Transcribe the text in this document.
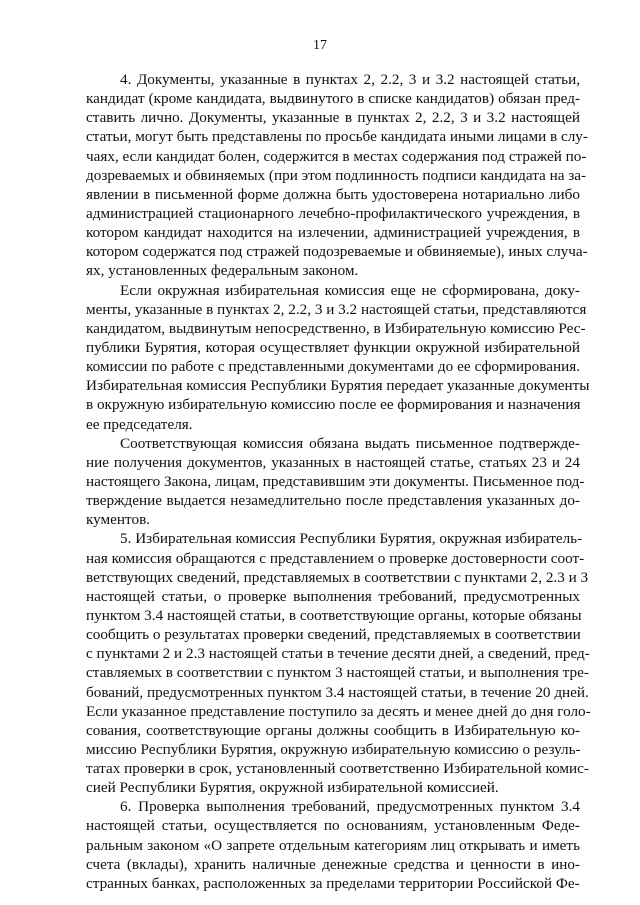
17
4. Документы, указанные в пунктах 2, 2.2, 3 и 3.2 настоящей статьи,
кандидат (кроме кандидата, выдвинутого в списке кандидатов) обязан пред-
ставить лично. Документы, указанные в пунктах 2, 2.2, 3 и 3.2 настоящей
статьи, могут быть представлены по просьбе кандидата иными лицами в слу-
чаях, если кандидат болен, содержится в местах содержания под стражей по-
дозреваемых и обвиняемых (при этом подлинность подписи кандидата на за-
явлении в письменной форме должна быть удостоверена нотариально либо
администрацией стационарного лечебно-профилактического учреждения, в
котором кандидат находится на излечении, администрацией учреждения, в
котором содержатся под стражей подозреваемые и обвиняемые), иных случа-
ях, установленных федеральным законом.
Если окружная избирательная комиссия еще не сформирована, доку-
менты, указанные в пунктах 2, 2.2, 3 и 3.2 настоящей статьи, представляются
кандидатом, выдвинутым непосредственно, в Избирательную комиссию Рес-
публики Бурятия, которая осуществляет функции окружной избирательной
комиссии по работе с представленными документами до ее сформирования.
Избирательная комиссия Республики Бурятия передает указанные документы
в окружную избирательную комиссию после ее формирования и назначения
ее председателя.
Соответствующая комиссия обязана выдать письменное подтвержде-
ние получения документов, указанных в настоящей статье, статьях 23 и 24
настоящего Закона, лицам, представившим эти документы. Письменное под-
тверждение выдается незамедлительно после представления указанных до-
кументов.
5. Избирательная комиссия Республики Бурятия, окружная избиратель-
ная комиссия обращаются с представлением о проверке достоверности соот-
ветствующих сведений, представляемых в соответствии с пунктами 2, 2.3 и 3
настоящей статьи, о проверке выполнения требований, предусмотренных
пунктом 3.4 настоящей статьи, в соответствующие органы, которые обязаны
сообщить о результатах проверки сведений, представляемых в соответствии
с пунктами 2 и 2.3 настоящей статьи в течение десяти дней, а сведений, пред-
ставляемых в соответствии с пунктом 3 настоящей статьи, и выполнения тре-
бований, предусмотренных пунктом 3.4 настоящей статьи, в течение 20 дней.
Если указанное представление поступило за десять и менее дней до дня голо-
сования, соответствующие органы должны сообщить в Избирательную ко-
миссию Республики Бурятия, окружную избирательную комиссию о резуль-
татах проверки в срок, установленный соответственно Избирательной комис-
сией Республики Бурятия, окружной избирательной комиссией.
6. Проверка выполнения требований, предусмотренных пунктом 3.4
настоящей статьи, осуществляется по основаниям, установленным Феде-
ральным законом «О запрете отдельным категориям лиц открывать и иметь
счета (вклады), хранить наличные денежные средства и ценности в ино-
странных банках, расположенных за пределами территории Российской Фе-
